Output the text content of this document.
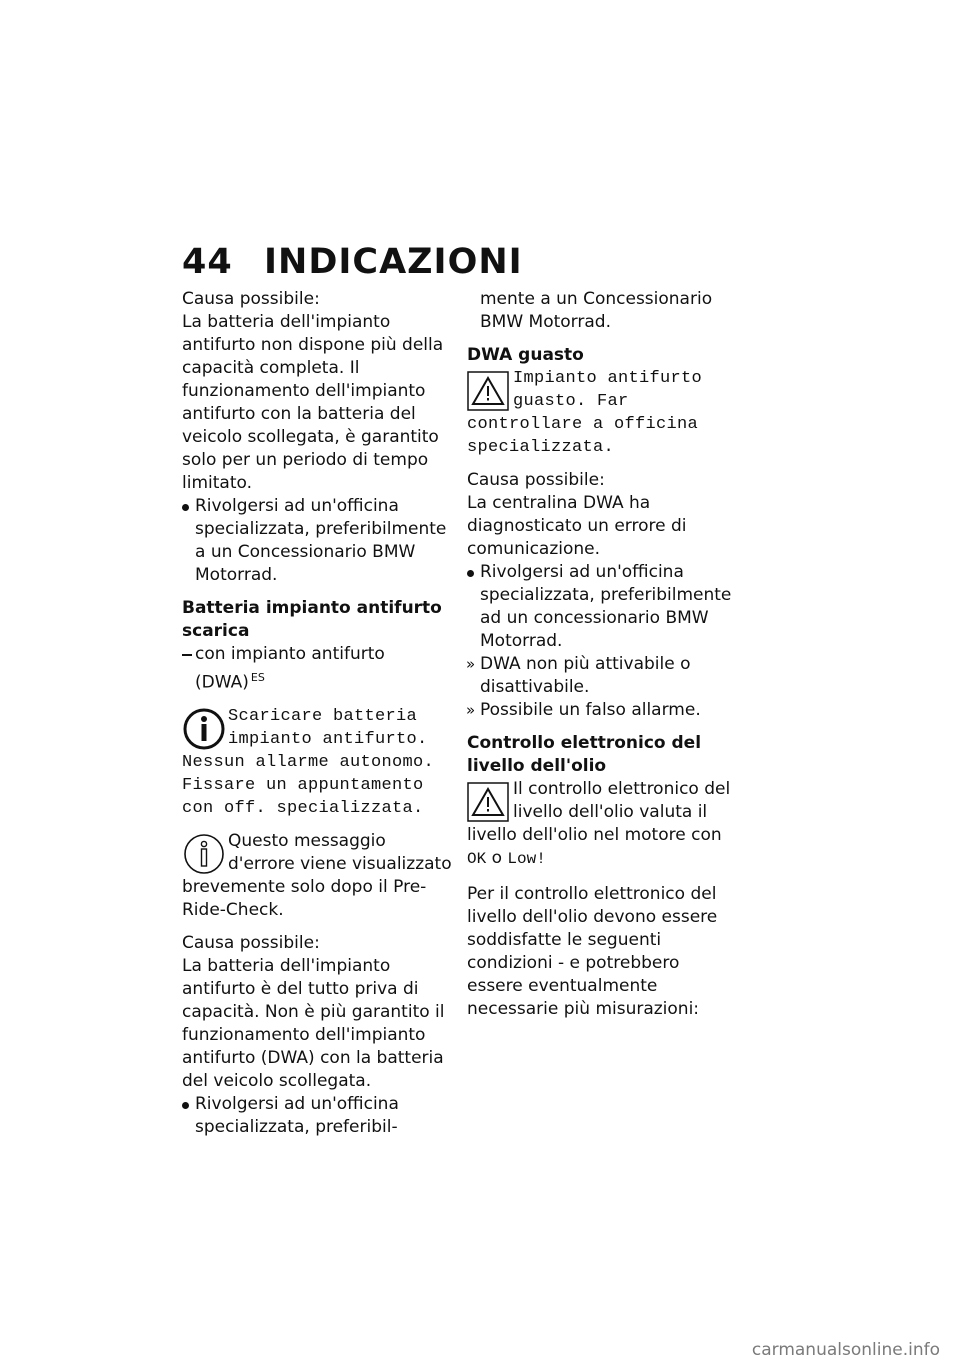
44 INDICAZIONI

Causa possibile:

La batteria dell'impianto antifurto non dispone più della capacità completa. Il funzionamento dell'impianto antifurto con la batteria del veicolo scollegata, è garantito solo per un periodo di tempo limitato.

Rivolgersi ad un'officina specializzata, preferibilmente a un Concessionario BMW Motorrad.

Batteria impianto antifurto scarica

con impianto antifurto (DWA) $^{ES}$

Scaricare batteria impianto antifurto. Nessun allarme autonomo. Fissare un appuntamento con off. specializzata.

Questo messaggio d'errore viene visualizzato brevemente solo dopo il Pre-Ride-Check.

Causa possibile:

La batteria dell'impianto antifurto è del tutto priva di capacità. Non è più garantito il funzionamento dell'impianto antifurto (DWA) con la batteria del veicolo scollegata.

Rivolgersi ad un'officina specializzata, preferibil-

mente a un Concessionario BMW Motorrad.

DWA guasto

Impianto antifurto guasto. Far controllare a officina specializzata.

Causa possibile:

La centralina DWA ha diagnosticato un errore di comunicazione.

Rivolgersi ad un'officina specializzata, preferibilmente ad un concessionario BMW Motorrad.
» DWA non più attivabile o disattivabile.
» Possibile un falso allarme.

Controllo elettronico del livello dell'olio

Il controllo elettronico del livello dell'olio valuta il livello dell'olio nel motore con
OK o Low!

Per il controllo elettronico del livello dell'olio devono essere soddisfatte le seguenti condizioni - e potrebbero essere eventualmente necessarie più misurazioni:

carmanualsonline.info
